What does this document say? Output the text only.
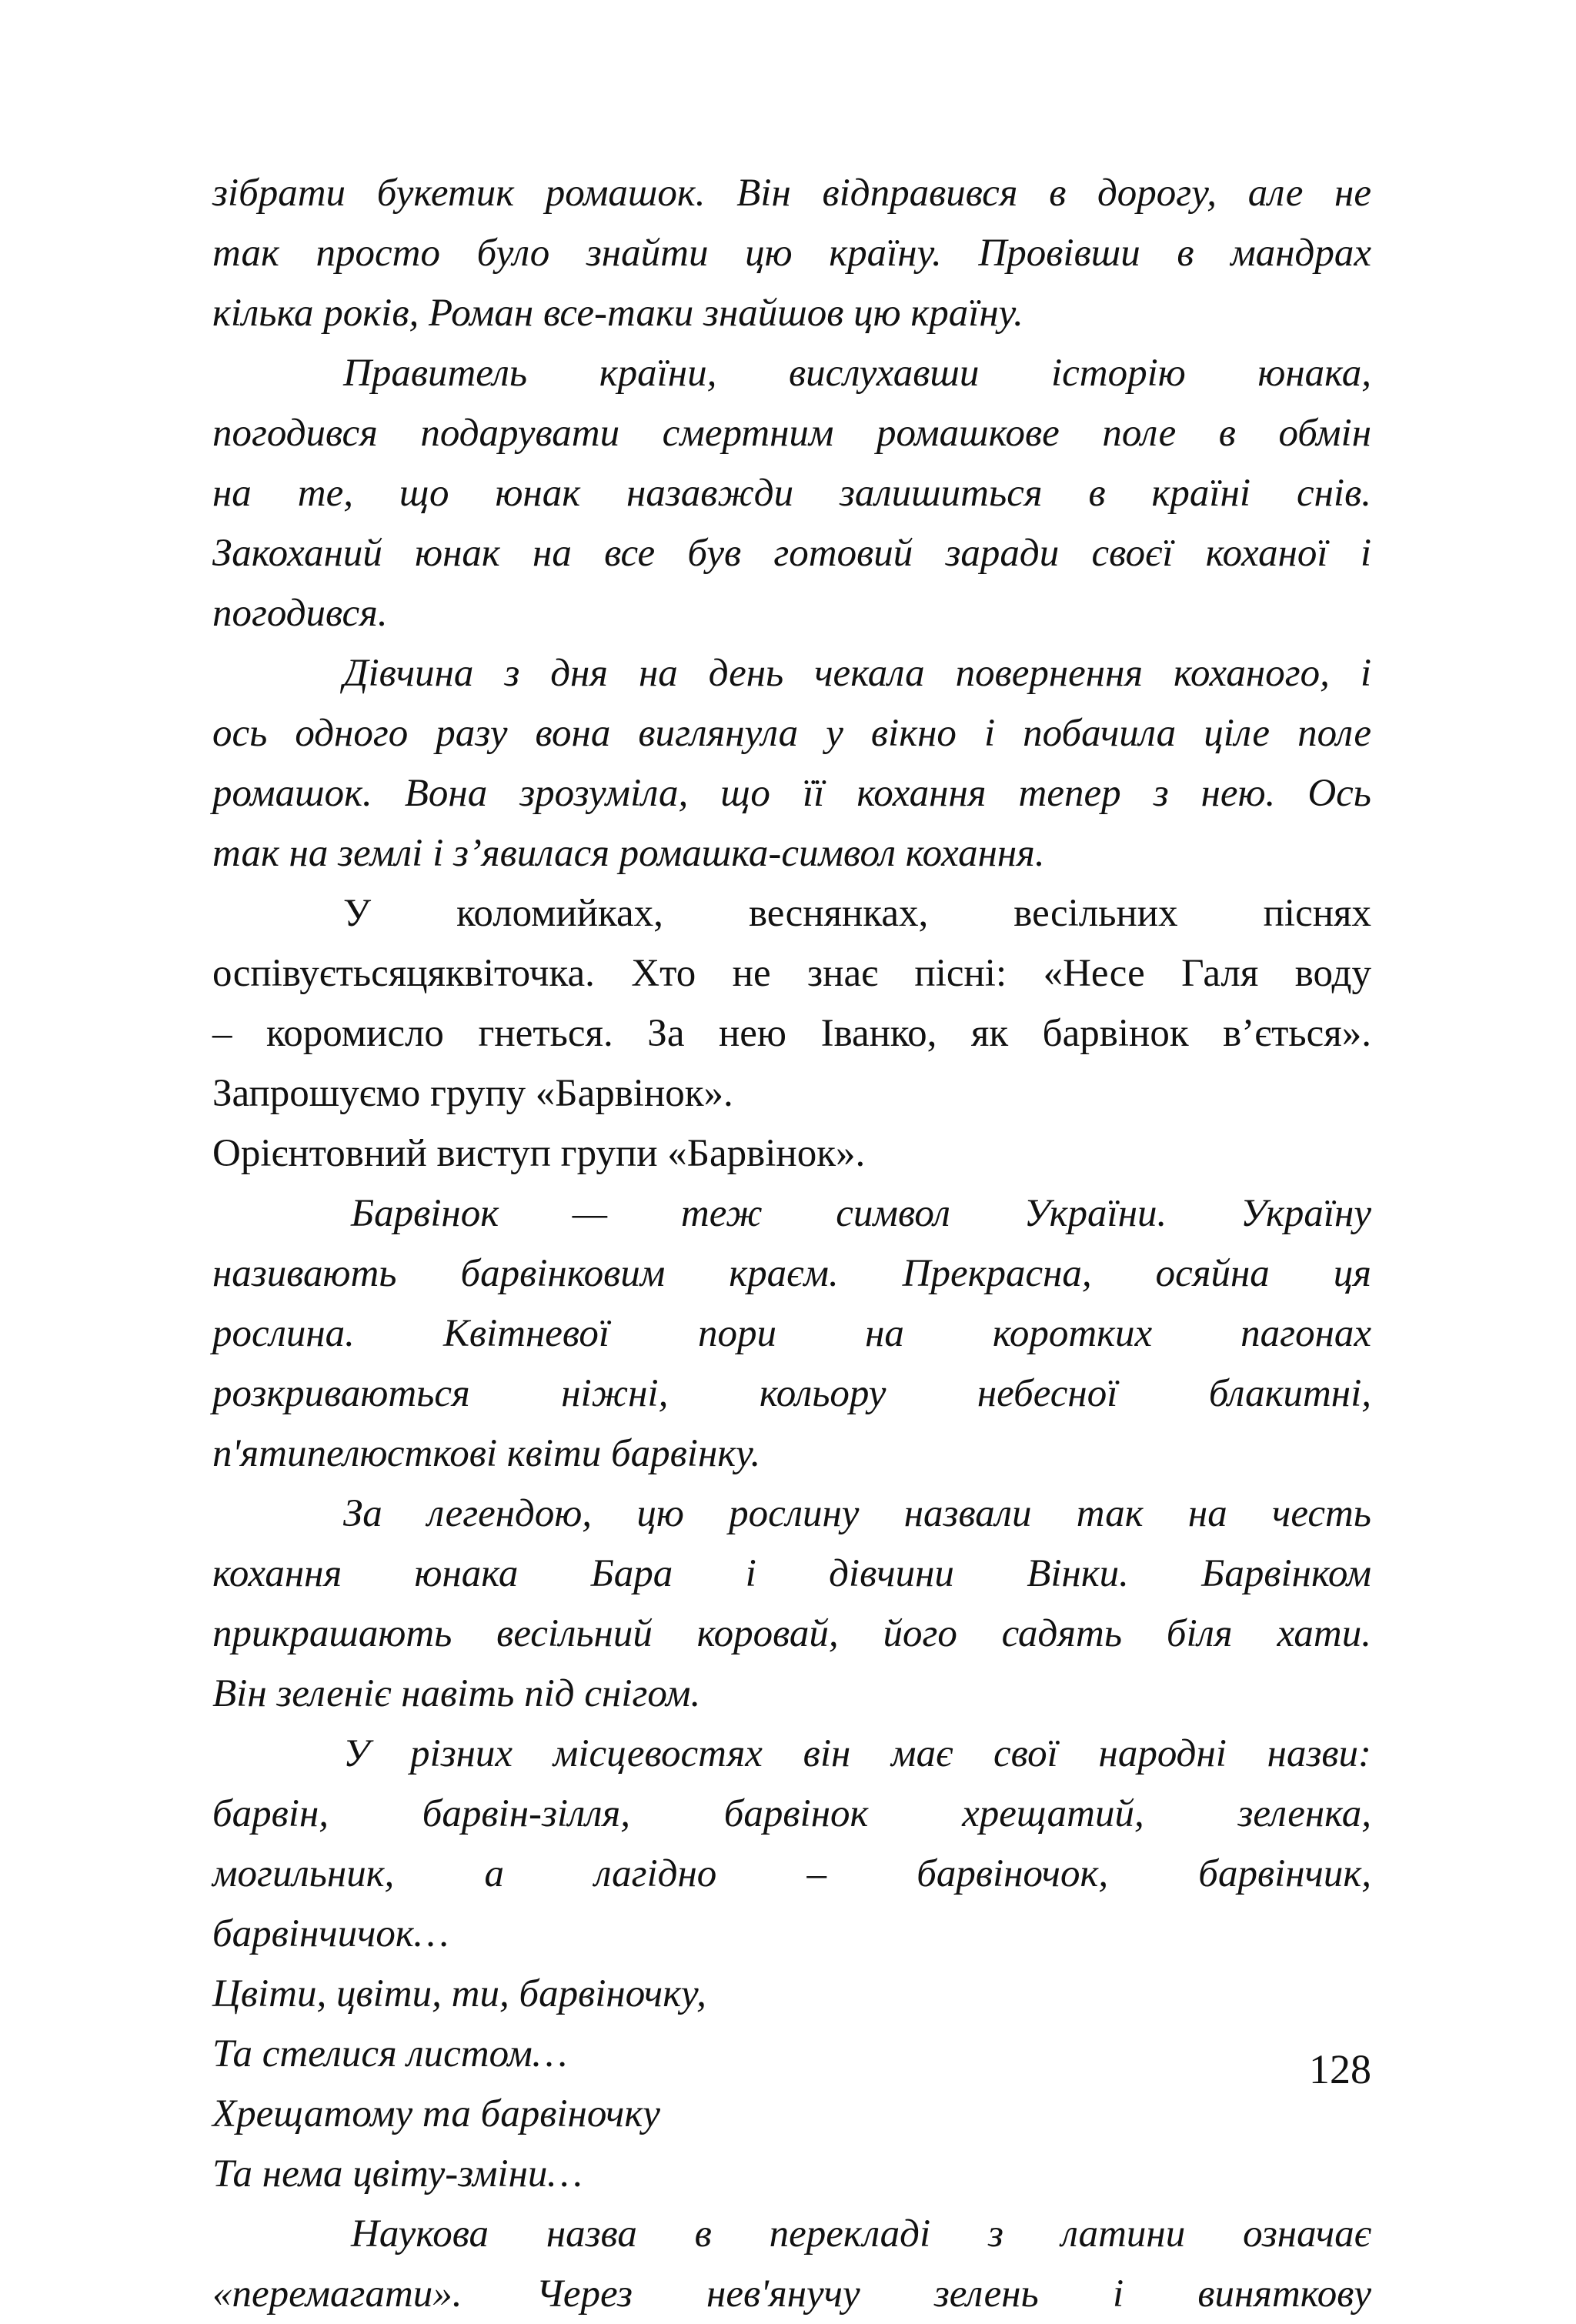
зібрати букетик ромашок. Він відправився в дорогу, але не

так просто було знайти цю країну. Провівши в мандрах

кілька років, Роман все-таки знайшов цю країну.

Правитель країни, вислухавши історію юнака,

погодився подарувати смертним ромашкове поле в обмін

на те, що юнак назавжди залишиться в країні снів.

Закоханий юнак на все був готовий заради своєї коханої і

погодився.

Дівчина з дня на день чекала повернення коханого, і

ось одного разу вона виглянула у вікно і побачила ціле поле

ромашок. Вона зрозуміла, що її кохання тепер з нею. Ось

так на землі і з’явилася ромашка-символ кохання.

У коломийках, веснянках, весільних піснях

оспівуєтьсяцяквіточка. Хто не знає пісні: «Несе Галя воду

– коромисло гнеться. За нею Іванко, як барвінок в’ється».

Запрошуємо групу «Барвінок».

Орієнтовний виступ групи «Барвінок».

Барвінок — теж символ України. Україну

називають барвінковим краєм. Прекрасна, осяйна ця

рослина. Квітневої пори на коротких пагонах

розкриваються ніжні, кольору небесної блакитні,

п'ятипелюсткові квіти барвінку.

За легендою, цю рослину назвали так на честь

кохання юнака Бара і дівчини Вінки. Барвінком

прикрашають весільний коровай, його садять біля хати.

Він зеленіє навіть під снігом.

У різних місцевостях він має свої народні назви:

барвін, барвін-зілля, барвінок хрещатий, зеленка,

могильник, а лагідно – барвіночок, барвінчик,

барвінчичок…

Цвіти, цвіти, ти, барвіночку,

Та стелися листом…

Хрещатому та барвіночку

Та нема цвіту-зміни…

Наукова назва в перекладі з латини означає

«перемагати». Через нев'янучу зелень і виняткову

128
